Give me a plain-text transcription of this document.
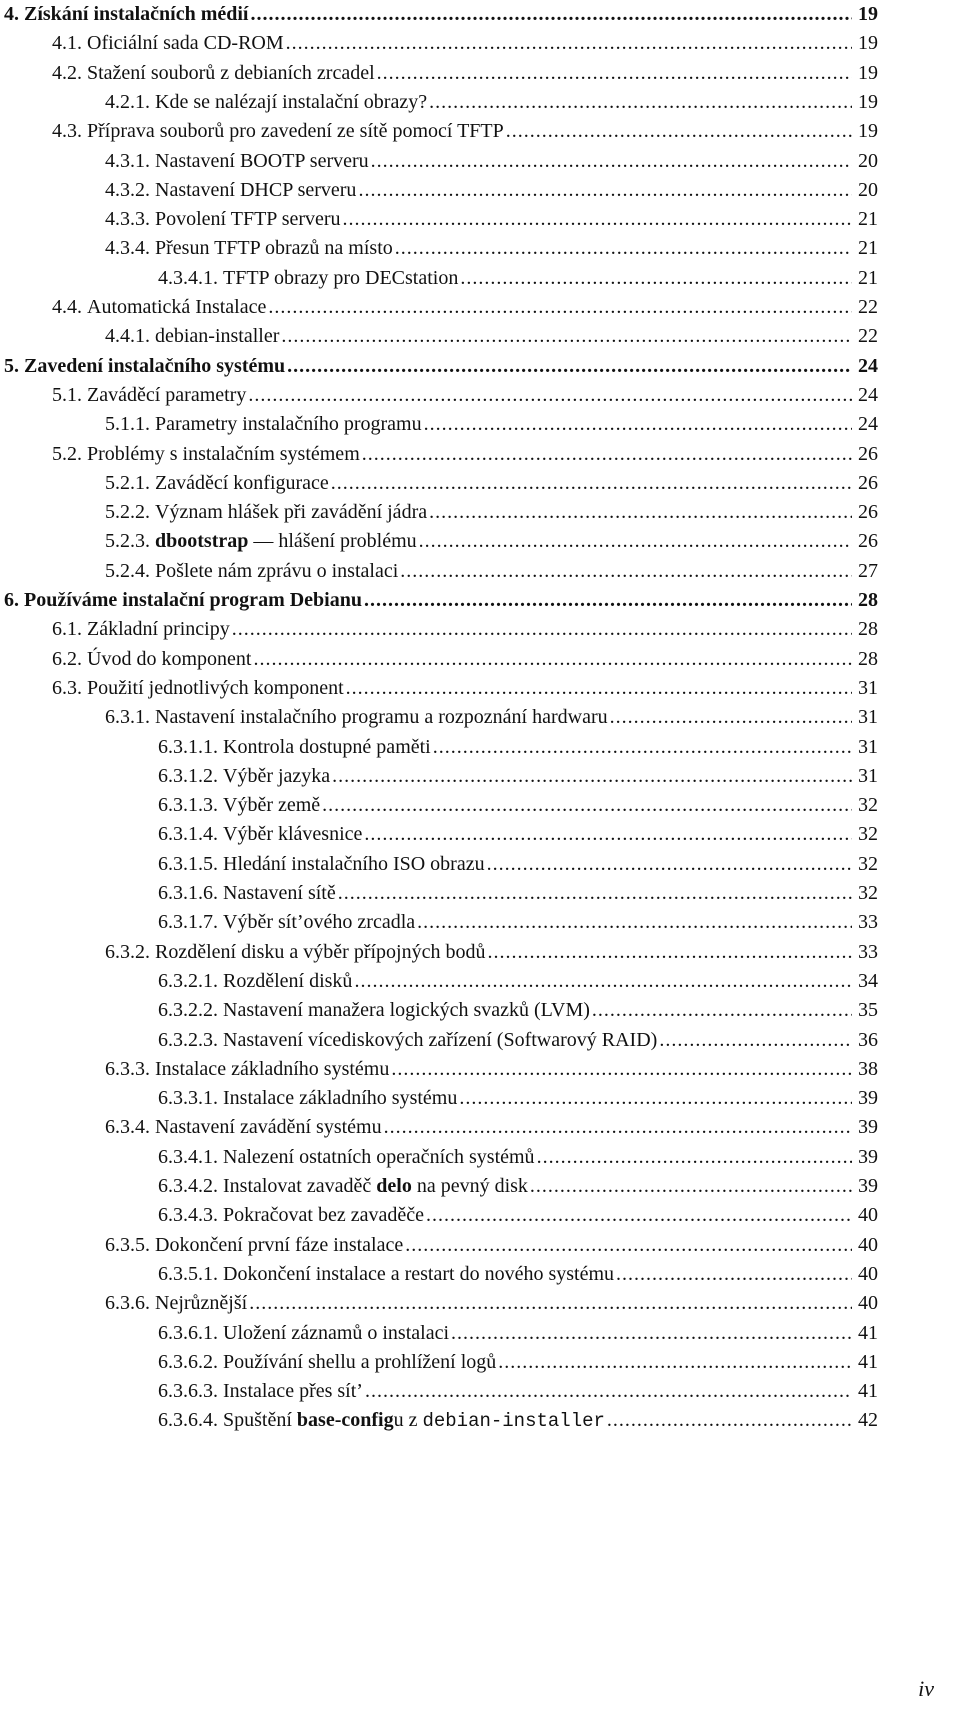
4. Získání instalačních médií . . .	19
4.1. Oficiální sada CD-ROM . . .	19
4.2. Stažení souborů z debianích zrcadel . . .	19
4.2.1. Kde se nalézají instalační obrazy? . . .	19
4.3. Příprava souborů pro zavedení ze sítě pomocí TFTP . . .	19
4.3.1. Nastavení BOOTP serveru . . .	20
4.3.2. Nastavení DHCP serveru . . .	20
4.3.3. Povolení TFTP serveru . . .	21
4.3.4. Přesun TFTP obrazů na místo . . .	21
4.3.4.1. TFTP obrazy pro DECstation . . .	21
4.4. Automatická Instalace . . .	22
4.4.1. debian-installer . . .	22
5. Zavedení instalačního systému . . .	24
5.1. Zaváděcí parametry . . .	24
5.1.1. Parametry instalačního programu . . .	24
5.2. Problémy s instalačním systémem . . .	26
5.2.1. Zaváděcí konfigurace . . .	26
5.2.2. Význam hlášek při zavádění jádra . . .	26
5.2.3. dbootstrap — hlášení problému . . .	26
5.2.4. Pošlete nám zprávu o instalaci . . .	27
6. Používáme instalační program Debianu . . .	28
6.1. Základní principy . . .	28
6.2. Úvod do komponent . . .	28
6.3. Použití jednotlivých komponent . . .	31
6.3.1. Nastavení instalačního programu a rozpoznání hardwaru . . .	31
6.3.1.1. Kontrola dostupné paměti . . .	31
6.3.1.2. Výběr jazyka . . .	31
6.3.1.3. Výběr země . . .	32
6.3.1.4. Výběr klávesnice . . .	32
6.3.1.5. Hledání instalačního ISO obrazu . . .	32
6.3.1.6. Nastavení sítě . . .	32
6.3.1.7. Výběr sít’ového zrcadla . . .	33
6.3.2. Rozdělení disku a výběr přípojných bodů . . .	33
6.3.2.1. Rozdělení disků . . .	34
6.3.2.2. Nastavení manažera logických svazků (LVM) . . .	35
6.3.2.3. Nastavení vícediskových zařízení (Softwarový RAID) . . .	36
6.3.3. Instalace základního systému . . .	38
6.3.3.1. Instalace základního systému . . .	39
6.3.4. Nastavení zavádění systému . . .	39
6.3.4.1. Nalezení ostatních operačních systémů . . .	39
6.3.4.2. Instalovat zavaděč delo na pevný disk . . .	39
6.3.4.3. Pokračovat bez zavaděče . . .	40
6.3.5. Dokončení první fáze instalace . . .	40
6.3.5.1. Dokončení instalace a restart do nového systému . . .	40
6.3.6. Nejrůznější . . .	40
6.3.6.1. Uložení záznamů o instalaci . . .	41
6.3.6.2. Používání shellu a prohlížení logů . . .	41
6.3.6.3. Instalace přes sít’ . . .	41
6.3.6.4. Spuštění base-configu z debian-installer . . .	42
iv
